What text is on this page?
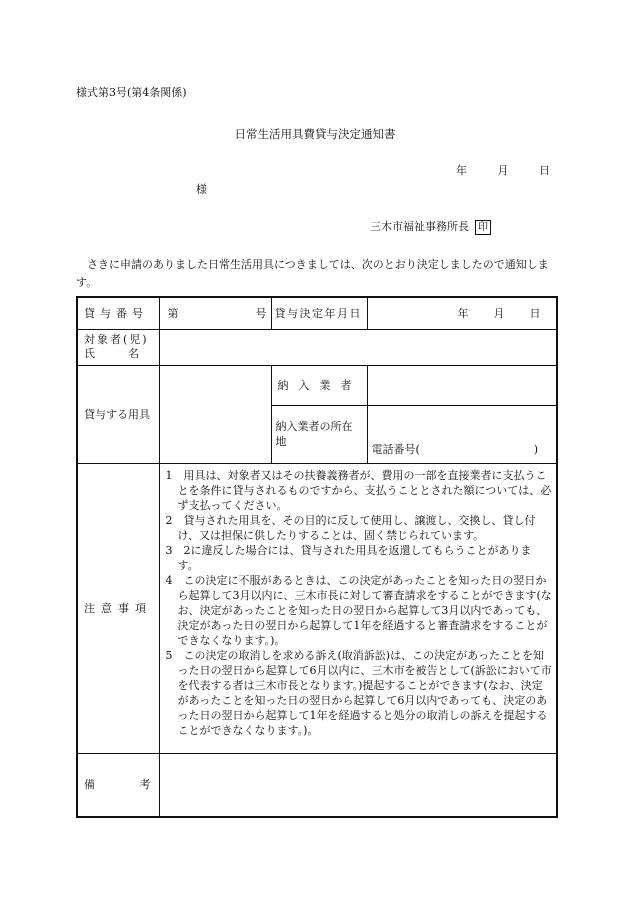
様式第3号(第4条関係)
日常生活用具費貸与決定通知書
年	月	日
様
三木市福祉事務所長 印
さきに申請のありました日常生活用具につきましては、次のとおり決定しましたので通知します。
貸与番号	第 号	貸与決定年月日	年 月 日

対象者(児)
氏　　　名			

貸与する用具		納入業者	
		納入業者の所在地	電話番号( )

注意事項	1　用具は、対象者又はその扶養義務者が、費用の一部を直接業者に支払うことを条件に貸与されるものですから、支払うこととされた額については、必ず支払ってください。
2　貸与された用具を、その目的に反して使用し、譲渡し、交換し、貸し付け、又は担保に供したりすることは、固く禁じられています。
3　2に違反した場合には、貸与された用具を返還してもらうことがあります。
4　この決定に不服があるときは、この決定があったことを知った日の翌日から起算して3月以内に、三木市長に対して審査請求をすることができます(なお、決定があったことを知った日の翌日から起算して3月以内であっても、決定があった日の翌日から起算して1年を経過すると審査請求をすることができなくなります。)。
5　この決定の取消しを求める訴え(取消訴訟)は、この決定があったことを知った日の翌日から起算して6月以内に、三木市を被告として(訴訟において市を代表する者は三木市長となります。)提起することができます(なお、決定があったことを知った日の翌日から起算して6月以内であっても、決定のあった日の翌日から起算して1年を経過すると処分の取消しの訴えを提起することができなくなります。)。		

備 考			
